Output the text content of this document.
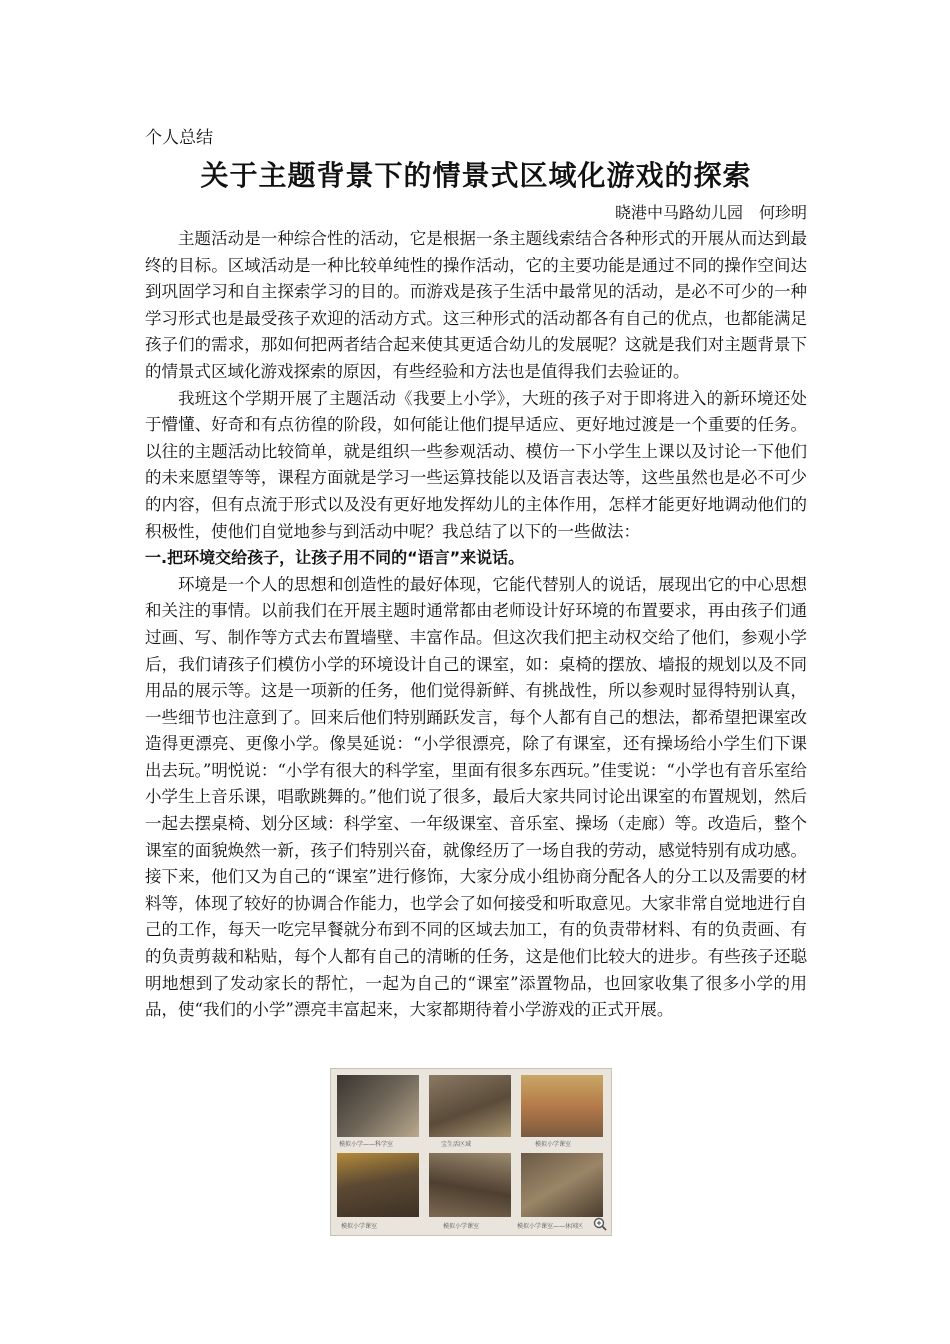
个人总结

关于主题背景下的情景式区域化游戏的探索

晓港中马路幼儿园　何珍明

主题活动是一种综合性的活动，它是根据一条主题线索结合各种形式的开展从而达到最终的目标。区域活动是一种比较单纯性的操作活动，它的主要功能是通过不同的操作空间达到巩固学习和自主探索学习的目的。而游戏是孩子生活中最常见的活动，是必不可少的一种学习形式也是最受孩子欢迎的活动方式。这三种形式的活动都各有自己的优点，也都能满足孩子们的需求，那如何把两者结合起来使其更适合幼儿的发展呢？这就是我们对主题背景下的情景式区域化游戏探索的原因，有些经验和方法也是值得我们去验证的。

我班这个学期开展了主题活动《我要上小学》，大班的孩子对于即将进入的新环境还处于懵懂、好奇和有点彷徨的阶段，如何能让他们提早适应、更好地过渡是一个重要的任务。以往的主题活动比较简单，就是组织一些参观活动、模仿一下小学生上课以及讨论一下他们的未来愿望等等，课程方面就是学习一些运算技能以及语言表达等，这些虽然也是必不可少的内容，但有点流于形式以及没有更好地发挥幼儿的主体作用，怎样才能更好地调动他们的积极性，使他们自觉地参与到活动中呢？我总结了以下的一些做法：

一.把环境交给孩子，让孩子用不同的“语言”来说话。

环境是一个人的思想和创造性的最好体现，它能代替别人的说话，展现出它的中心思想和关注的事情。以前我们在开展主题时通常都由老师设计好环境的布置要求，再由孩子们通过画、写、制作等方式去布置墙壁、丰富作品。但这次我们把主动权交给了他们，参观小学后，我们请孩子们模仿小学的环境设计自己的课室，如：桌椅的摆放、墙报的规划以及不同用品的展示等。这是一项新的任务，他们觉得新鲜、有挑战性，所以参观时显得特别认真，一些细节也注意到了。回来后他们特别踊跃发言，每个人都有自己的想法，都希望把课室改造得更漂亮、更像小学。像昊延说：“小学很漂亮，除了有课室，还有操场给小学生们下课出去玩。”明悦说：“小学有很大的科学室，里面有很多东西玩。”佳雯说：“小学也有音乐室给小学生上音乐课，唱歌跳舞的。”他们说了很多，最后大家共同讨论出课室的布置规划，然后一起去摆桌椅、划分区域：科学室、一年级课室、音乐室、操场（走廊）等。改造后，整个课室的面貌焕然一新，孩子们特别兴奋，就像经历了一场自我的劳动，感觉特别有成功感。接下来，他们又为自己的“课室”进行修饰，大家分成小组协商分配各人的分工以及需要的材料等，体现了较好的协调合作能力，也学会了如何接受和听取意见。大家非常自觉地进行自己的工作，每天一吃完早餐就分布到不同的区域去加工，有的负责带材料、有的负责画、有的负责剪裁和粘贴，每个人都有自己的清晰的任务，这是他们比较大的进步。有些孩子还聪明地想到了发动家长的帮忙，一起为自己的“课室”添置物品，也回家收集了很多小学的用品，使“我们的小学”漂亮丰富起来，大家都期待着小学游戏的正式开展。

模拟小学——科学室	宝生活区域	模拟小学课室
模拟小学课室	模拟小学课室	模拟小学课室——休闲区
